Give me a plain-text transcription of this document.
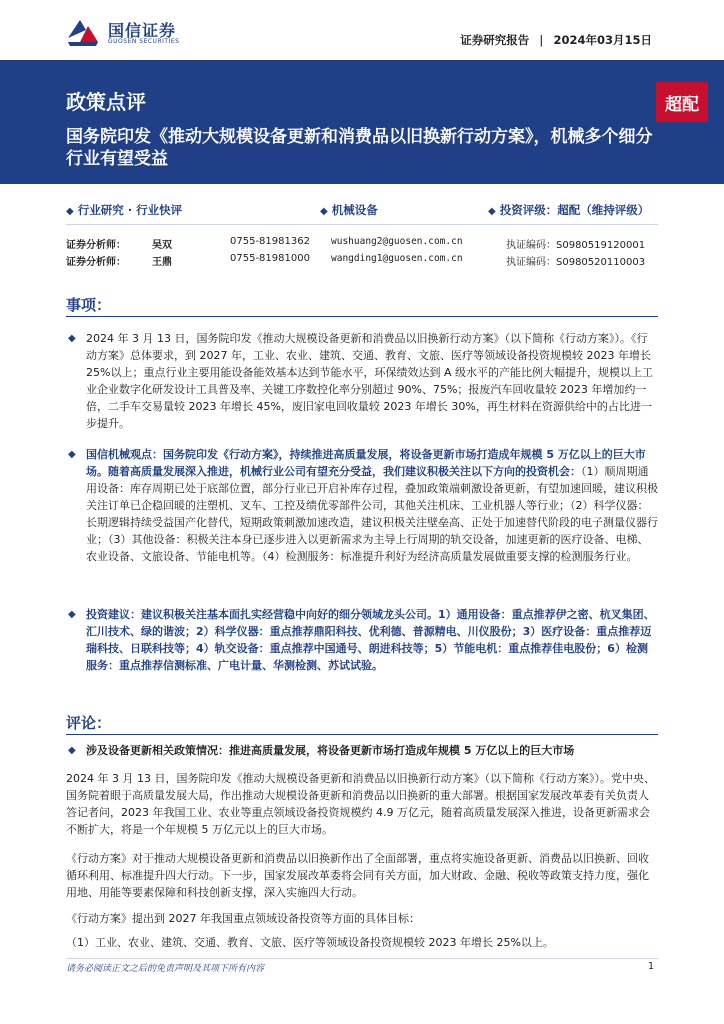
国信证券
GUOSEN SECURITIES	证券研究报告 | 2024年03月15日
政策点评	超配
国务院印发《推动大规模设备更新和消费品以旧换新行动方案》，机械多个细分行业有望受益
◆ 行业研究 · 行业快评	◆ 机械设备	◆ 投资评级：超配（维持评级）
证券分析师：	吴双	0755-81981362 wushuang2@guosen.com.cn	执证编码：S0980519120001
证券分析师：	王鼎	0755-81981000 wangding1@guosen.com.cn	执证编码：S0980520110003
事项：
◆ 2024 年 3 月 13 日，国务院印发《推动大规模设备更新和消费品以旧换新行动方案》（以下简称《行动方案》）。《行动方案》总体要求，到 2027 年，工业、农业、建筑、交通、教育、文旅、医疗等领域设备投资规模较 2023 年增长 25%以上；重点行业主要用能设备能效基本达到节能水平，环保绩效达到 A 级水平的产能比例大幅提升，规模以上工业企业数字化研发设计工具普及率、关键工序数控化率分别超过 90%、75%；报废汽车回收量较 2023 年增加约一倍，二手车交易量较 2023 年增长 45%，废旧家电回收量较 2023 年增长 30%，再生材料在资源供给中的占比进一步提升。
◆ 国信机械观点：国务院印发《行动方案》，持续推进高质量发展，将设备更新市场打造成年规模 5 万亿以上的巨大市场。随着高质量发展深入推进，机械行业公司有望充分受益，我们建议积极关注以下方向的投资机会：（1）顺周期通用设备：库存周期已处于底部位置，部分行业已开启补库存过程，叠加政策端刺激设备更新，有望加速回暖，建议积极关注订单已企稳回暖的注塑机、叉车、工控及绩优零部件公司，其他关注机床、工业机器人等行业；（2）科学仪器：长期逻辑持续受益国产化替代，短期政策刺激加速改造，建议积极关注壁垒高、正处于加速替代阶段的电子测量仪器行业；（3）其他设备：积极关注本身已逐步进入以更新需求为主导上行周期的轨交设备，加速更新的医疗设备、电梯、农业设备、文旅设备、节能电机等。（4）检测服务：标准提升利好为经济高质量发展做重要支撑的检测服务行业。
◆ 投资建议：建议积极关注基本面扎实经营稳中向好的细分领域龙头公司。1）通用设备：重点推荐伊之密、杭叉集团、汇川技术、绿的谐波；2）科学仪器：重点推荐鼎阳科技、优利德、普源精电、川仪股份；3）医疗设备：重点推荐迈瑞科技、日联科技等；4）轨交设备：重点推荐中国通号、朗进科技等；5）节能电机：重点推荐佳电股份；6）检测服务：重点推荐信测标准、广电计量、华测检测、苏试试验。
评论：
◆ 涉及设备更新相关政策情况：推进高质量发展，将设备更新市场打造成年规模 5 万亿以上的巨大市场
2024 年 3 月 13 日，国务院印发《推动大规模设备更新和消费品以旧换新行动方案》（以下简称《行动方案》）。党中央、国务院着眼于高质量发展大局，作出推动大规模设备更新和消费品以旧换新的重大部署。根据国家发展改革委有关负责人答记者问，2023 年我国工业、农业等重点领域设备投资规模约 4.9 万亿元，随着高质量发展深入推进，设备更新需求会不断扩大，将是一个年规模 5 万亿元以上的巨大市场。
《行动方案》对于推动大规模设备更新和消费品以旧换新作出了全面部署，重点将实施设备更新、消费品以旧换新、回收循环利用、标准提升四大行动。下一步，国家发展改革委将会同有关方面，加大财政、金融、税收等政策支持力度，强化用地、用能等要素保障和科技创新支撑，深入实施四大行动。
《行动方案》提出到 2027 年我国重点领域设备投资等方面的具体目标：
（1）工业、农业、建筑、交通、教育、文旅、医疗等领域设备投资规模较 2023 年增长 25%以上。
请务必阅读正文之后的免责声明及其项下所有内容	1
